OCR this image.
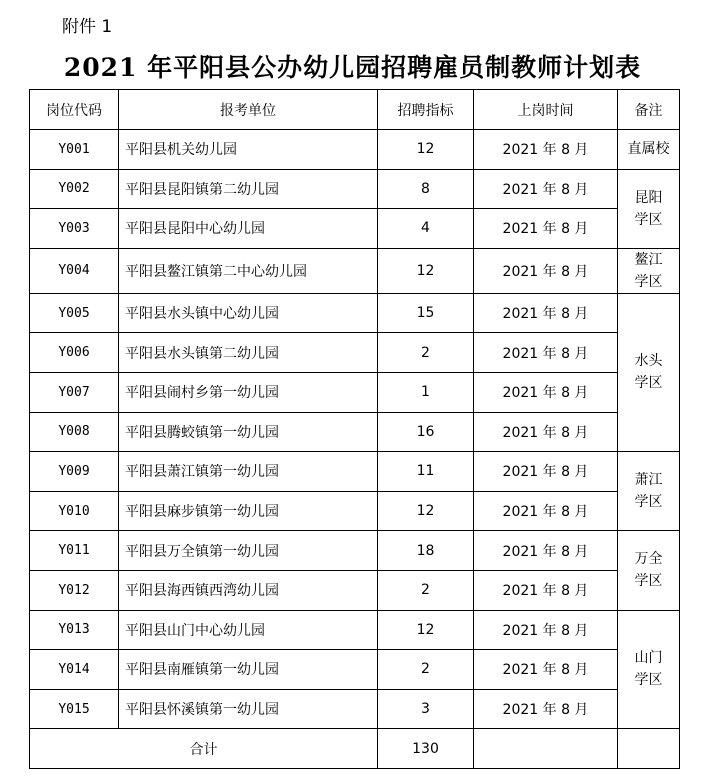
附件 1
2021 年平阳县公办幼儿园招聘雇员制教师计划表
岗位代码	报考单位	招聘指标	上岗时间	备注
Y001	平阳县机关幼儿园	12	2021 年 8 月	直属校
Y002	平阳县昆阳镇第二幼儿园	8	2021 年 8 月	昆阳
学区
Y003	平阳县昆阳中心幼儿园	4	2021 年 8 月	
Y004	平阳县鳌江镇第二中心幼儿园	12	2021 年 8 月	鳌江
学区
Y005	平阳县水头镇中心幼儿园	15	2021 年 8 月	水头
学区
Y006	平阳县水头镇第二幼儿园	2	2021 年 8 月	
Y007	平阳县闹村乡第一幼儿园	1	2021 年 8 月	
Y008	平阳县腾蛟镇第一幼儿园	16	2021 年 8 月	
Y009	平阳县萧江镇第一幼儿园	11	2021 年 8 月	萧江
学区
Y010	平阳县麻步镇第一幼儿园	12	2021 年 8 月	
Y011	平阳县万全镇第一幼儿园	18	2021 年 8 月	万全
学区
Y012	平阳县海西镇西湾幼儿园	2	2021 年 8 月	
Y013	平阳县山门中心幼儿园	12	2021 年 8 月	山门
学区
Y014	平阳县南雁镇第一幼儿园	2	2021 年 8 月	
Y015	平阳县怀溪镇第一幼儿园	3	2021 年 8 月	
合计		130		
